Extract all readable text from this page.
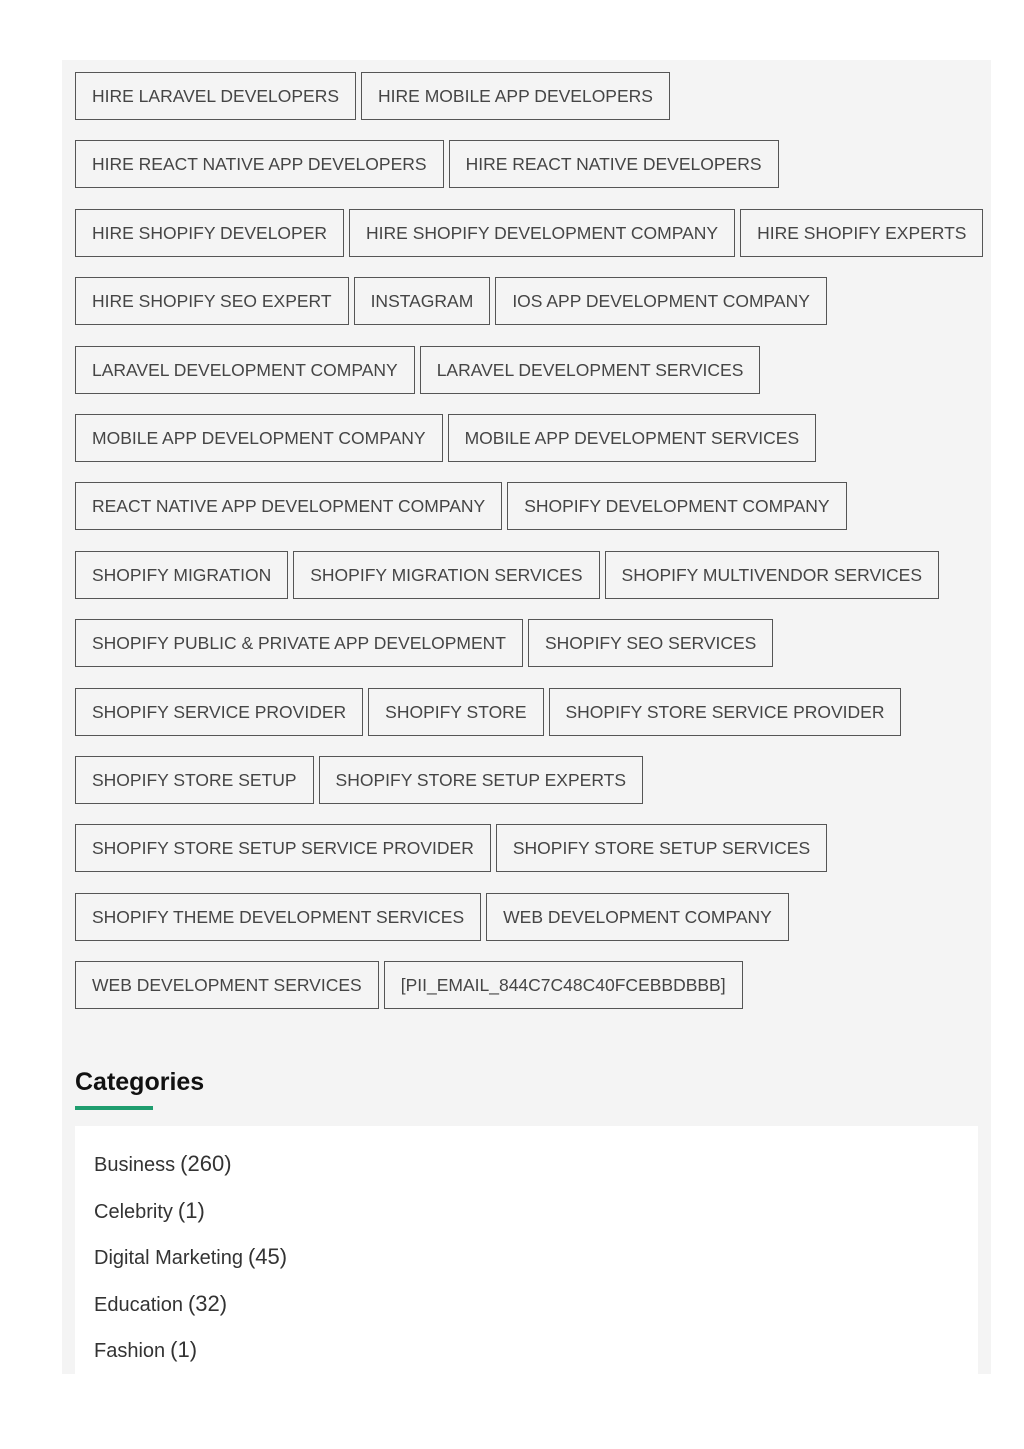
HIRE LARAVEL DEVELOPERS HIRE MOBILE APP DEVELOPERS
HIRE REACT NATIVE APP DEVELOPERS HIRE REACT NATIVE DEVELOPERS
HIRE SHOPIFY DEVELOPER HIRE SHOPIFY DEVELOPMENT COMPANY HIRE SHOPIFY EXPERTS
HIRE SHOPIFY SEO EXPERT INSTAGRAM IOS APP DEVELOPMENT COMPANY
LARAVEL DEVELOPMENT COMPANY LARAVEL DEVELOPMENT SERVICES
MOBILE APP DEVELOPMENT COMPANY MOBILE APP DEVELOPMENT SERVICES
REACT NATIVE APP DEVELOPMENT COMPANY SHOPIFY DEVELOPMENT COMPANY
SHOPIFY MIGRATION SHOPIFY MIGRATION SERVICES SHOPIFY MULTIVENDOR SERVICES
SHOPIFY PUBLIC & PRIVATE APP DEVELOPMENT SHOPIFY SEO SERVICES
SHOPIFY SERVICE PROVIDER SHOPIFY STORE SHOPIFY STORE SERVICE PROVIDER
SHOPIFY STORE SETUP SHOPIFY STORE SETUP EXPERTS
SHOPIFY STORE SETUP SERVICE PROVIDER SHOPIFY STORE SETUP SERVICES
SHOPIFY THEME DEVELOPMENT SERVICES WEB DEVELOPMENT COMPANY
WEB DEVELOPMENT SERVICES [PII_EMAIL_844C7C48C40FCEBBDBBB]
Categories
Business (260)
Celebrity (1)
Digital Marketing (45)
Education (32)
Fashion (1)
